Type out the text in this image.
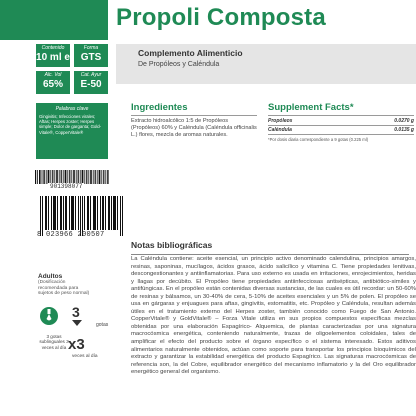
Propoli Composta
Contenido
10 ml e
Forma
GTS
Alc. Vol
65%
Cat. Ayur
E-50
Complemento Alimenticio
De Propóleos y Caléndula
Palabras clave
Gingivitis; Infecciones virales; Aftas; Herpes zoster; Herpes simple; Dolor de garganta; Gold-Vitale®, CopperVitale®
Ingredientes
Extracto hidroalcólico 1:5 de Propóleos (Propóleos) 60% y Caléndula (Caléndula officinalis L.) flores, mezcla de aromas naturales.
Supplement Facts*
Propóleos	0.0270 g
Caléndula	0.0135 g
*Por dosis diaria correspondiente a 9 gotas (0.225 ml)
901398077
8 023966 200507
Notas bibliográficas
La Caléndula contiene: aceite esencial, un principio activo denominado calendulina, principios amargos, resinas, saponinas, mucílagos, ácidos grasos, ácido salicílico y vitamina C. Tiene propiedades lenitivas, descongestionantes y antiinflamatorias. Para uso externo es usada en irritaciones, enrojecimientos, heridas y llagas por decúbito. El Propóleo tiene propiedades antiinfecciosas antisépticas, antibiótico-similes y antifúngicas. En el propóleo están contenidas diversas sustancias, de las cuales es útil recordar: un 50-60% de resinas y bálsamos, un 30-40% de cera, 5-10% de aceites esenciales y un 5% de polen. El propóleo se usa en gárgaras y enjuagues para aftas, gingivitis, estomatitis, etc. Propóleo y Caléndula, resultan además útiles en el tratamiento externo del Herpes zoster, también conocido como Fuego de San Antonio. CopperVitale® y GoldVitale® – Forza Vitale utiliza en sus propios compuestos específicas mezclas obtenidas por una elaboración Espagírico- Alquemica, de plantas caracterizadas por una signatura macrocósmica energética, conteniendo naturalmente, trazas de oligoelementos coloidales, tales de amplificar el efecto del producto sobre el órgano específico o el sistema interesado. Estos aditivos alimentarios naturalmente obtenidos, actúan como soporte para transportar los principios bioquímicos del extracto y garantizar la estabilidad energética del producto Espagírico. Las signaturas macrocósmicas de referencia son, la del Cobre, equilibrador energético del mecanismo inflamatorio y la del Oro equilibrador energético general del organismo.
Adultos
(Dosificación recomendada para sujetos de peso normal)
3
gotas
3 gotas sublinguales 3 veces al día x3
veces al día
